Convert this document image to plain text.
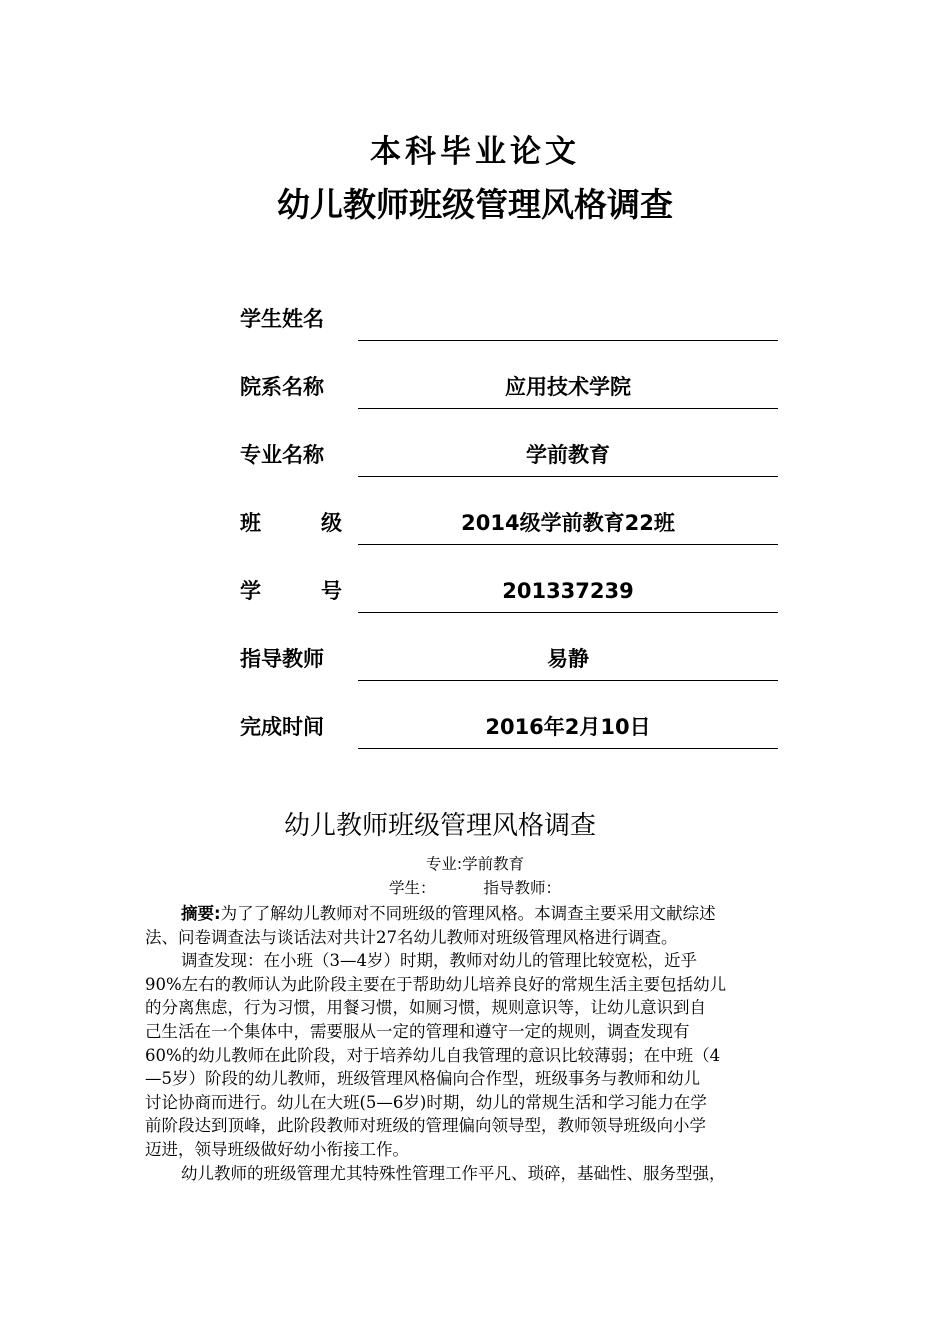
本科毕业论文
幼儿教师班级管理风格调查
学生姓名
院系名称	应用技术学院
专业名称	学前教育
班　　级	2014级学前教育22班
学　　号	201337239
指导教师	易静
完成时间	2016年2月10日
幼儿教师班级管理风格调查
专业:学前教育
学生：	指导教师：
摘要:为了了解幼儿教师对不同班级的管理风格。本调查主要采用文献综述
法、问卷调查法与谈话法对共计27名幼儿教师对班级管理风格进行调查。
调查发现：在小班（3—4岁）时期，教师对幼儿的管理比较宽松，近乎
90%左右的教师认为此阶段主要在于帮助幼儿培养良好的常规生活主要包括幼儿
的分离焦虑，行为习惯，用餐习惯，如厕习惯，规则意识等，让幼儿意识到自
己生活在一个集体中，需要服从一定的管理和遵守一定的规则，调查发现有
60%的幼儿教师在此阶段，对于培养幼儿自我管理的意识比较薄弱；在中班（4
—5岁）阶段的幼儿教师，班级管理风格偏向合作型，班级事务与教师和幼儿
讨论协商而进行。幼儿在大班(5—6岁)时期，幼儿的常规生活和学习能力在学
前阶段达到顶峰，此阶段教师对班级的管理偏向领导型，教师领导班级向小学
迈进，领导班级做好幼小衔接工作。
幼儿教师的班级管理尤其特殊性管理工作平凡、琐碎，基础性、服务型强，
